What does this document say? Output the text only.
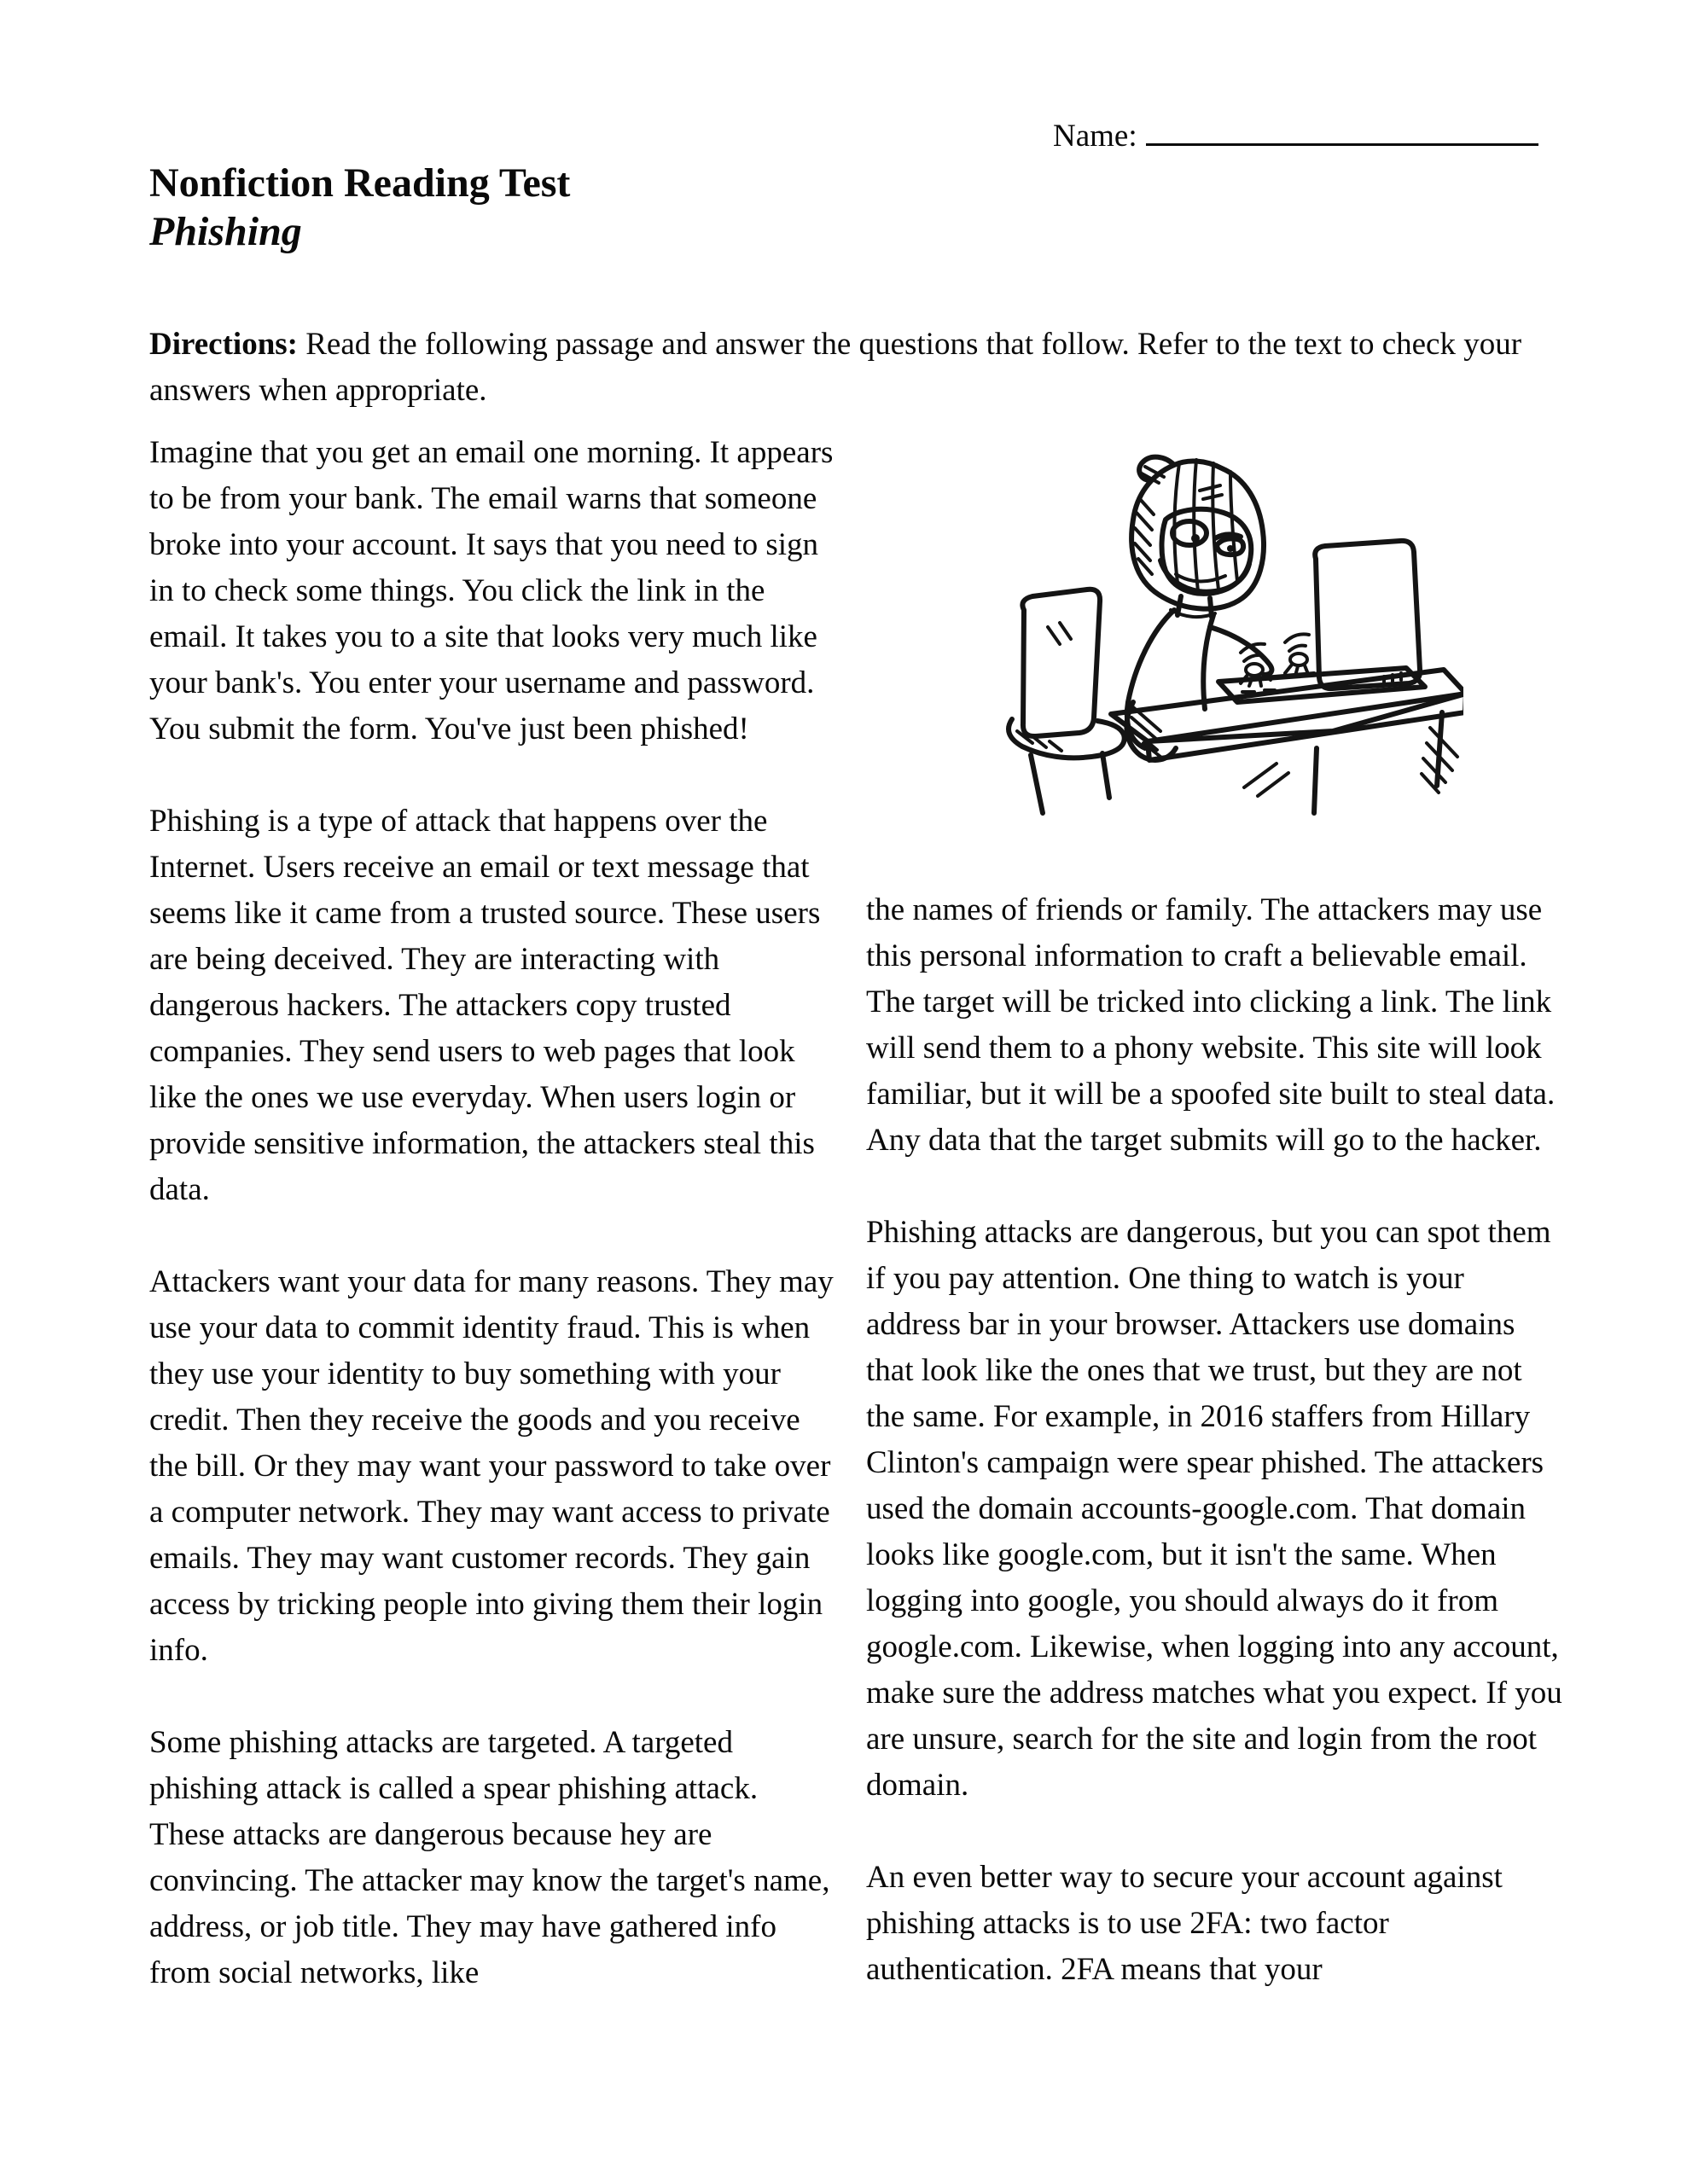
Name:
Nonfiction Reading Test
Phishing

Directions: Read the following passage and answer the questions that follow. Refer to the text to check your answers when appropriate.

Imagine that you get an email one morning. It appears to be from your bank. The email warns that someone broke into your account. It says that you need to sign in to check some things. You click the link in the email. It takes you to a site that looks very much like your bank's. You enter your username and password. You submit the form. You've just been phished!

Phishing is a type of attack that happens over the Internet. Users receive an email or text message that seems like it came from a trusted source. These users are being deceived. They are interacting with dangerous hackers. The attackers copy trusted companies. They send users to web pages that look like the ones we use everyday. When users login or provide sensitive information, the attackers steal this data.

Attackers want your data for many reasons. They may use your data to commit identity fraud. This is when they use your identity to buy something with your credit. Then they receive the goods and you receive the bill. Or they may want your password to take over a computer network. They may want access to private emails. They may want customer records. They gain access by tricking people into giving them their login info.

Some phishing attacks are targeted. A targeted phishing attack is called a spear phishing attack. These attacks are dangerous because hey are convincing. The attacker may know the target's name, address, or job title. They may have gathered info from social networks, like

the names of friends or family. The attackers may use this personal information to craft a believable email. The target will be tricked into clicking a link. The link will send them to a phony website. This site will look familiar, but it will be a spoofed site built to steal data. Any data that the target submits will go to the hacker.

Phishing attacks are dangerous, but you can spot them if you pay attention. One thing to watch is your address bar in your browser. Attackers use domains that look like the ones that we trust, but they are not the same. For example, in 2016 staffers from Hillary Clinton's campaign were spear phished. The attackers used the domain accounts-google.com. That domain looks like google.com, but it isn't the same. When logging into google, you should always do it from google.com. Likewise, when logging into any account, make sure the address matches what you expect. If you are unsure, search for the site and login from the root domain.

An even better way to secure your account against phishing attacks is to use 2FA: two factor authentication. 2FA means that your
